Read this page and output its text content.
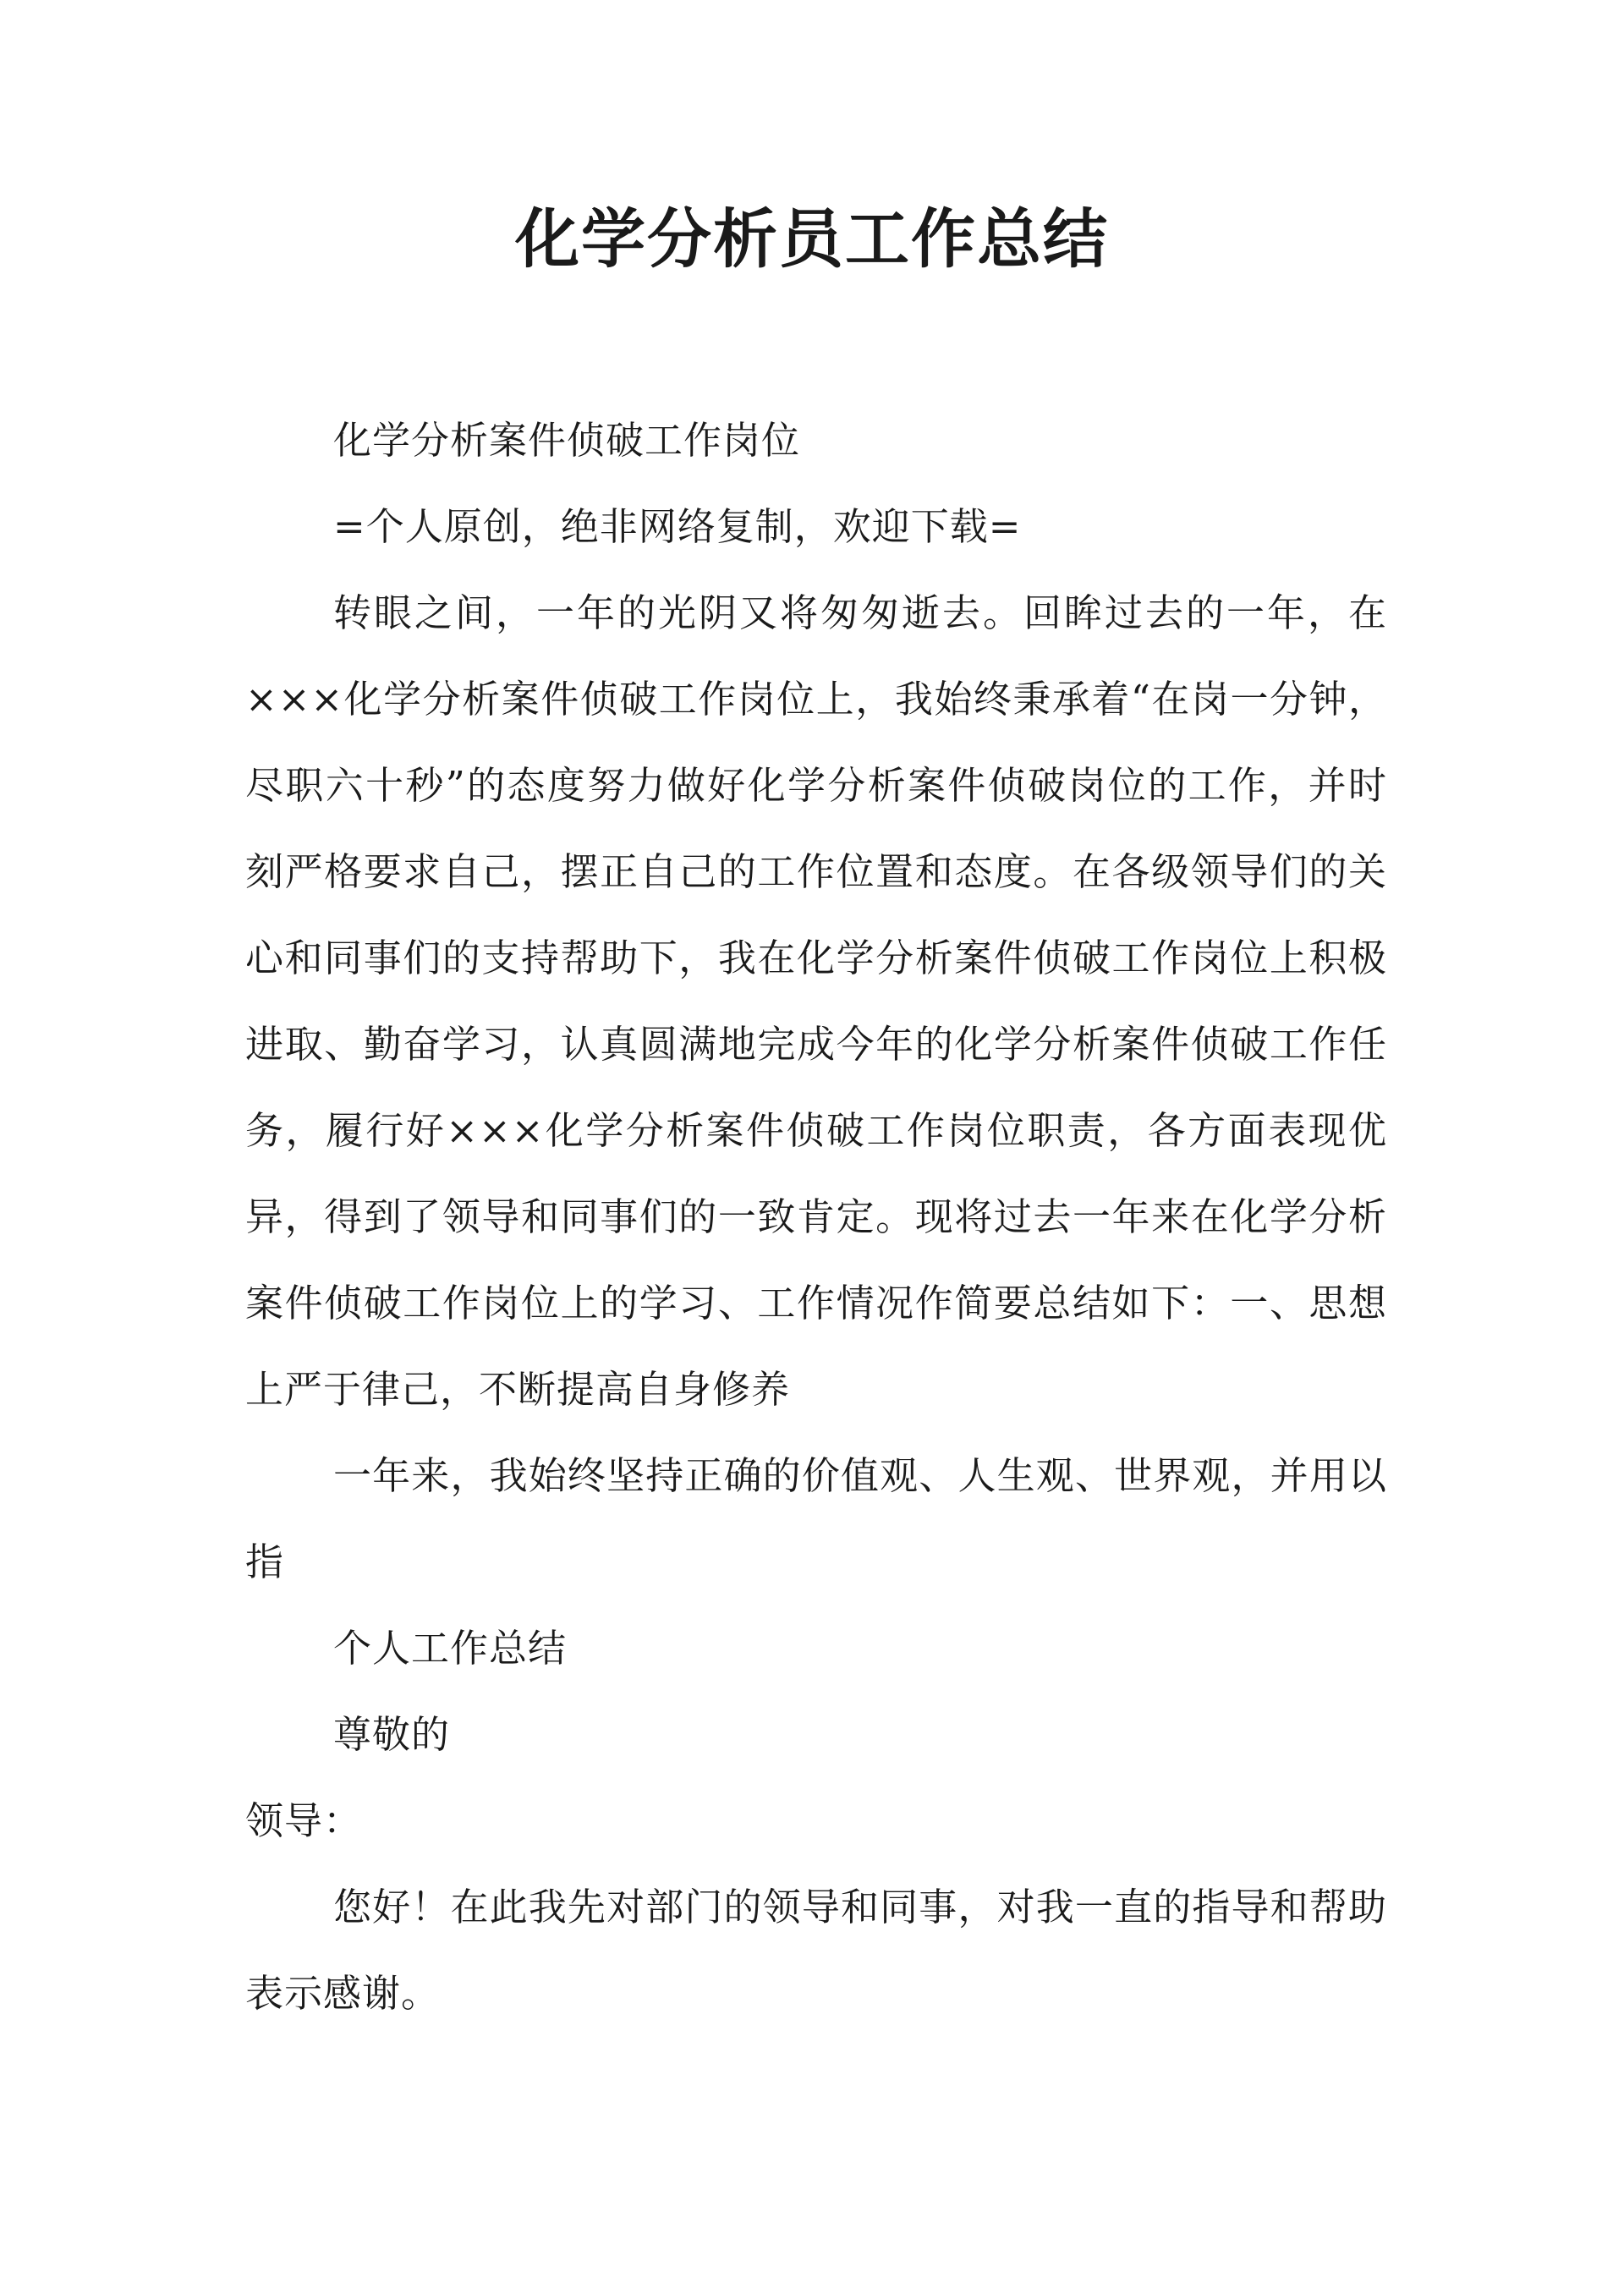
化学分析员工作总结

化学分析案件侦破工作岗位

=个人原创，绝非网络复制，欢迎下载=

转眼之间，一年的光阴又将匆匆逝去。回眸过去的一年，在×××化学分析案件侦破工作岗位上，我始终秉承着“在岗一分钟，尽职六十秒”的态度努力做好化学分析案件侦破岗位的工作，并时刻严格要求自己，摆正自己的工作位置和态度。在各级领导们的关心和同事们的支持帮助下，我在化学分析案件侦破工作岗位上积极进取、勤奋学习，认真圆满地完成今年的化学分析案件侦破工作任务，履行好×××化学分析案件侦破工作岗位职责，各方面表现优异，得到了领导和同事们的一致肯定。现将过去一年来在化学分析案件侦破工作岗位上的学习、工作情况作简要总结如下：一、思想上严于律己，不断提高自身修养

一年来，我始终坚持正确的价值观、人生观、世界观，并用以指

个人工作总结

尊敬的

领导：

您好！在此我先对部门的领导和同事，对我一直的指导和帮助表示感谢。
